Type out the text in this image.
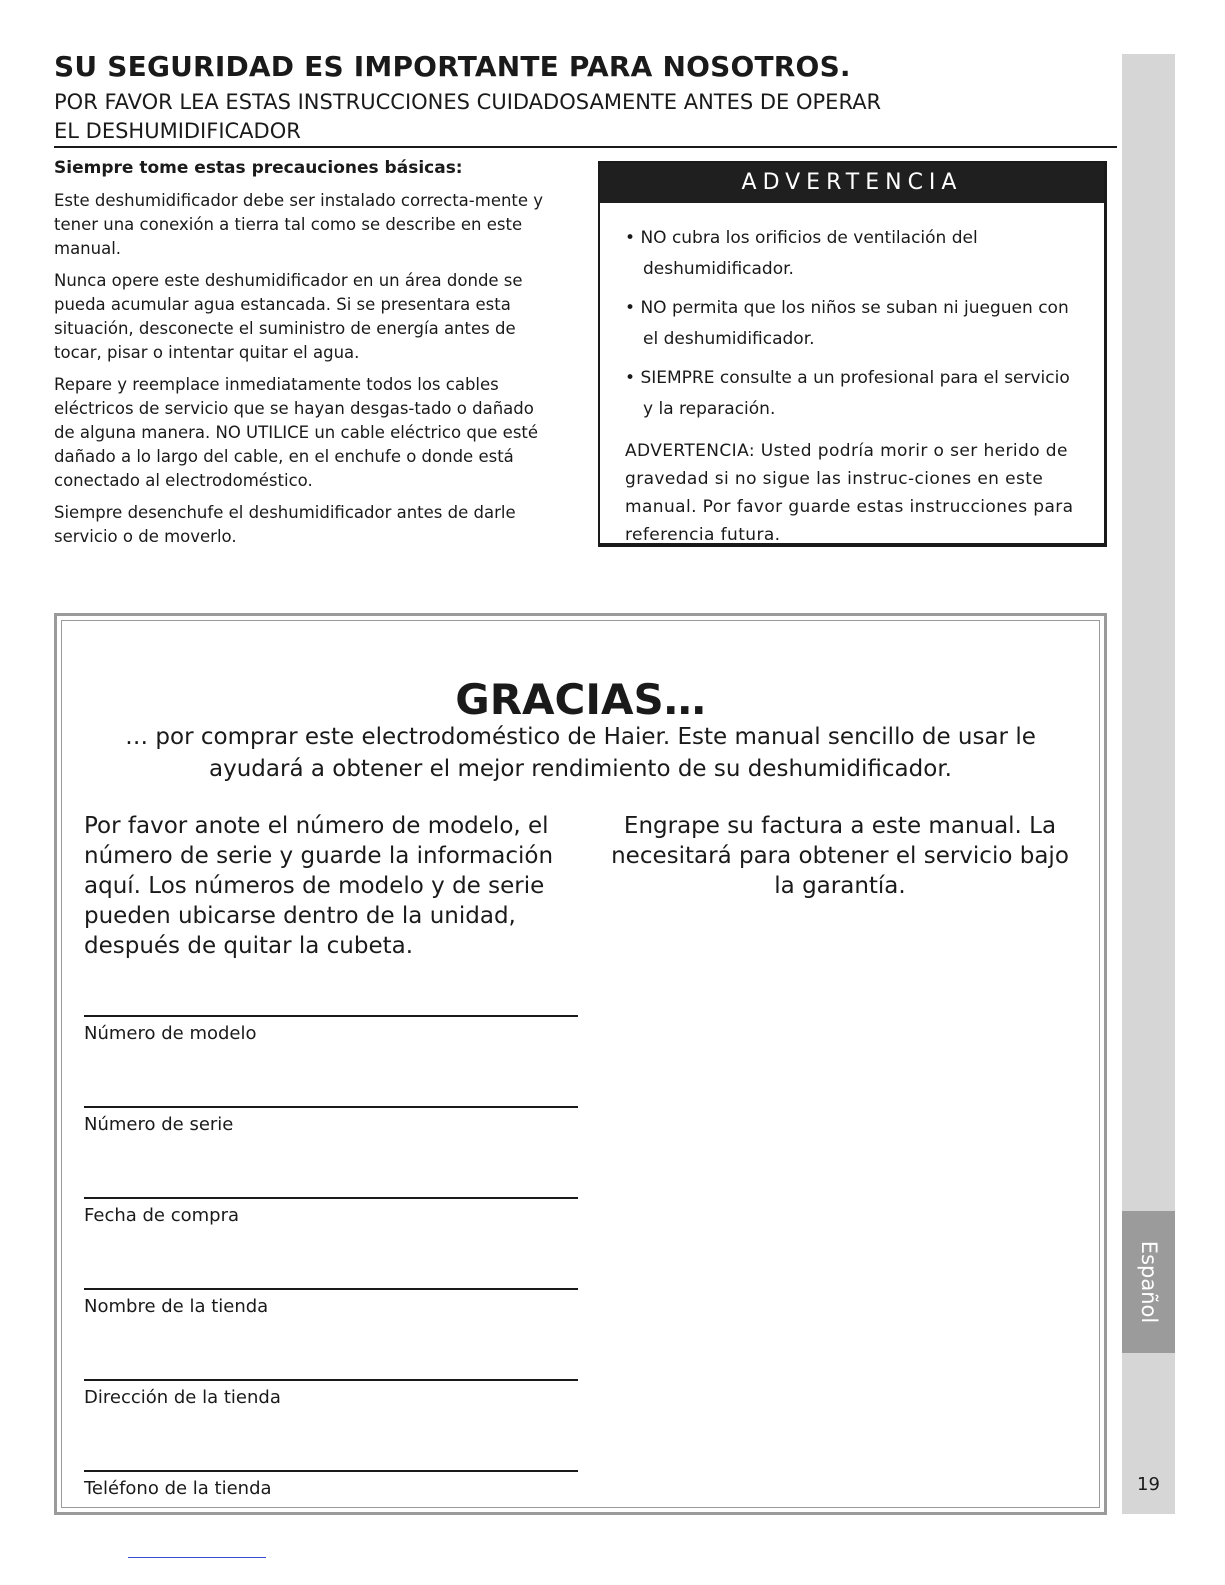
SU SEGURIDAD ES IMPORTANTE PARA NOSOTROS.
POR FAVOR LEA ESTAS INSTRUCCIONES CUIDADOSAMENTE ANTES DE OPERAR
EL DESHUMIDIFICADOR
Siempre tome estas precauciones básicas:

Este deshumidificador debe ser instalado correcta-mente y tener una conexión a tierra tal como se describe en este manual.

Nunca opere este deshumidificador en un área donde se pueda acumular agua estancada. Si se presentara esta situación, desconecte el suministro de energía antes de tocar, pisar o intentar quitar el agua.

Repare y reemplace inmediatamente todos los cables eléctricos de servicio que se hayan desgas-tado o dañado de alguna manera. NO UTILICE un cable eléctrico que esté dañado a lo largo del cable, en el enchufe o donde está conectado al electrodoméstico.

Siempre desenchufe el deshumidificador antes de darle servicio o de moverlo.

ADVERTENCIA
• NO cubra los orificios de ventilación del deshumidificador.
• NO permita que los niños se suban ni jueguen con el deshumidificador.
• SIEMPRE consulte a un profesional para el servicio y la reparación.
ADVERTENCIA: Usted podría morir o ser herido de gravedad si no sigue las instruc-ciones en este manual. Por favor guarde estas instrucciones para referencia futura.
GRACIAS…
… por comprar este electrodoméstico de Haier. Este manual sencillo de usar le ayudará a obtener el mejor rendimiento de su deshumidificador.
Por favor anote el número de modelo, el número de serie y guarde la información aquí. Los números de modelo y de serie pueden ubicarse dentro de la unidad, después de quitar la cubeta.
Engrape su factura a este manual. La necesitará para obtener el servicio bajo la garantía.
Número de modelo
Número de serie
Fecha de compra
Nombre de la tienda
Dirección de la tienda
Teléfono de la tienda
Español
19
